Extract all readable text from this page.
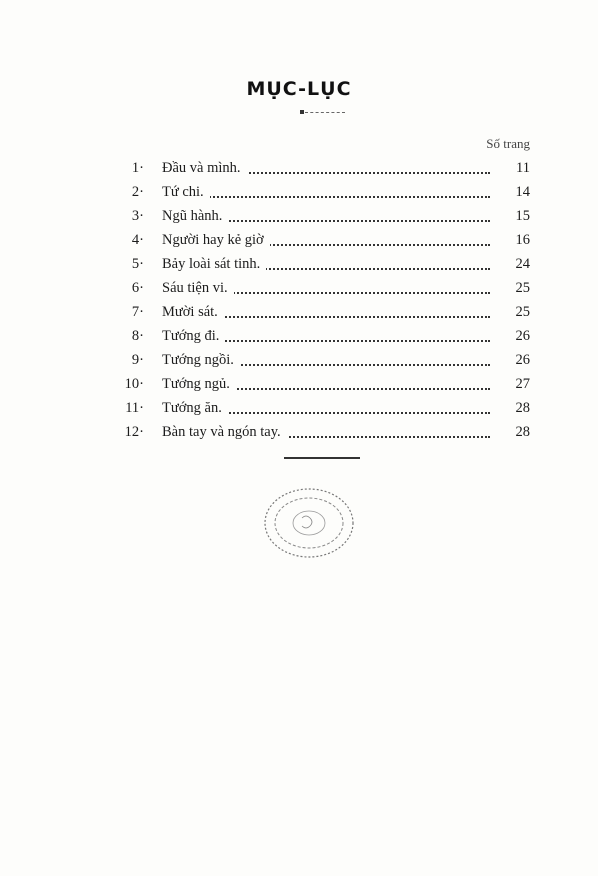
MỤC-LỤC
Số trang
1· Đầu và mình.	11
2· Tứ chi.	14
3· Ngũ hành.	15
4· Người hay kẻ giờ	16
5· Bảy loài sát tinh.	24
6· Sáu tiện vi.	25
7· Mười sát.	25
8· Tướng đi.	26
9· Tướng ngồi.	26
10· Tướng ngủ.	27
11· Tướng ăn.	28
12· Bàn tay và ngón tay.	28
